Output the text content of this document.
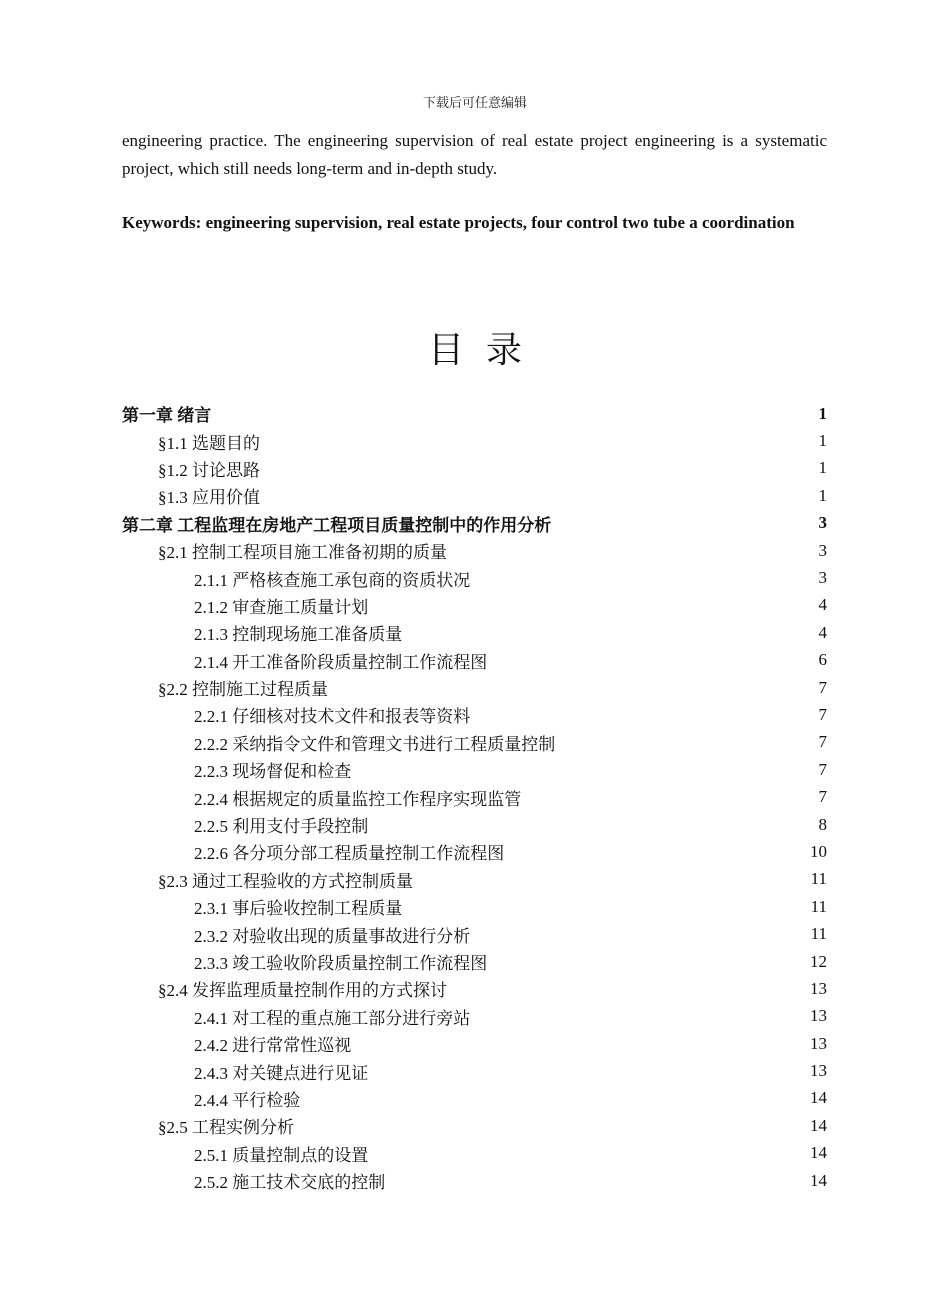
下载后可任意编辑
engineering practice. The engineering supervision of real estate project engineering is a systematic project, which still needs long-term and in-depth study.
Keywords: engineering supervision, real estate projects, four control two tube a coordination
目录
第一章 绪言	1
§1.1 选题目的	1
§1.2 讨论思路	1
§1.3 应用价值	1
第二章 工程监理在房地产工程项目质量控制中的作用分析	3
§2.1 控制工程项目施工准备初期的质量	3
2.1.1 严格核查施工承包商的资质状况	3
2.1.2 审查施工质量计划	4
2.1.3 控制现场施工准备质量	4
2.1.4 开工准备阶段质量控制工作流程图	6
§2.2 控制施工过程质量	7
2.2.1 仔细核对技术文件和报表等资料	7
2.2.2 采纳指令文件和管理文书进行工程质量控制	7
2.2.3 现场督促和检查	7
2.2.4 根据规定的质量监控工作程序实现监管	7
2.2.5 利用支付手段控制	8
2.2.6 各分项分部工程质量控制工作流程图	10
§2.3 通过工程验收的方式控制质量	11
2.3.1 事后验收控制工程质量	11
2.3.2 对验收出现的质量事故进行分析	11
2.3.3 竣工验收阶段质量控制工作流程图	12
§2.4 发挥监理质量控制作用的方式探讨	13
2.4.1 对工程的重点施工部分进行旁站	13
2.4.2 进行常常性巡视	13
2.4.3 对关键点进行见证	13
2.4.4 平行检验	14
§2.5 工程实例分析	14
2.5.1 质量控制点的设置	14
2.5.2 施工技术交底的控制	14
